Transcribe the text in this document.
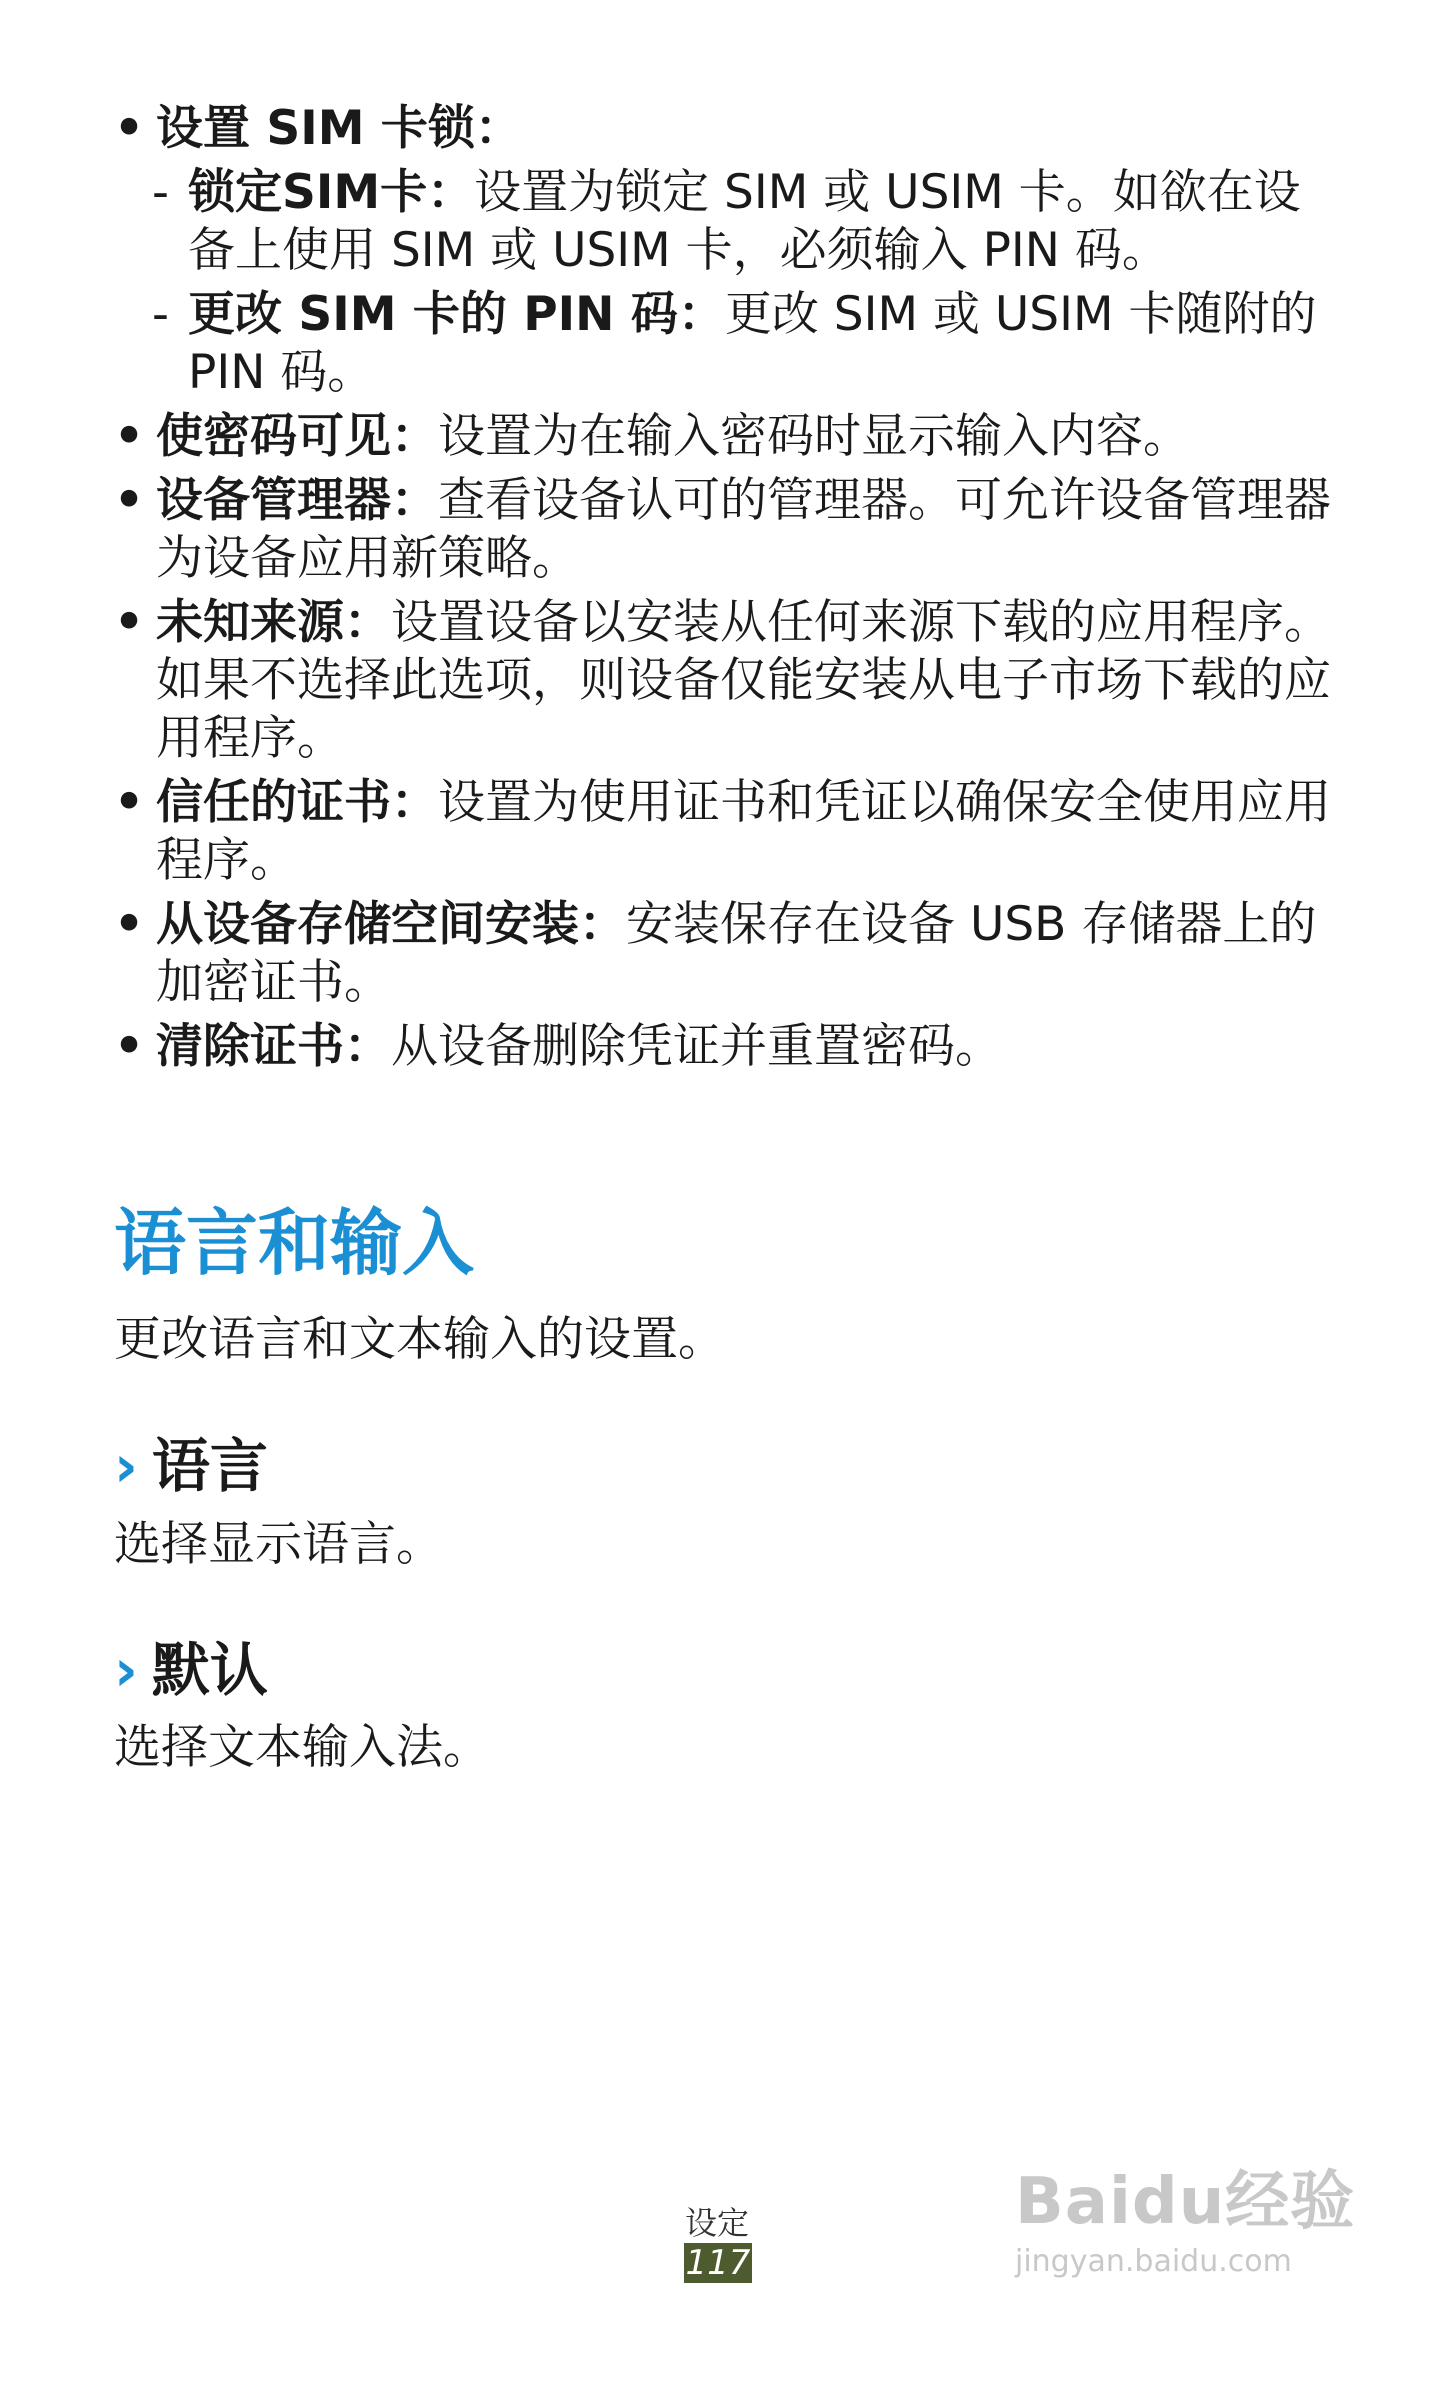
• 设置 SIM 卡锁：
- 锁定SIM卡：设置为锁定 SIM 或 USIM 卡。如欲在设备上使用 SIM 或 USIM 卡，必须输入 PIN 码。
- 更改 SIM 卡的 PIN 码：更改 SIM 或 USIM 卡随附的 PIN 码。
• 使密码可见：设置为在输入密码时显示输入内容。
• 设备管理器：查看设备认可的管理器。可允许设备管理器为设备应用新策略。
• 未知来源：设置设备以安装从任何来源下载的应用程序。如果不选择此选项，则设备仅能安装从电子市场下载的应用程序。
• 信任的证书：设置为使用证书和凭证以确保安全使用应用程序。
• 从设备存储空间安装：安装保存在设备 USB 存储器上的加密证书。
• 清除证书：从设备删除凭证并重置密码。
语言和输入
更改语言和文本输入的设置。
› 语言
选择显示语言。
› 默认
选择文本输入法。
设定
117
Baidu经验
jingyan.baidu.com
